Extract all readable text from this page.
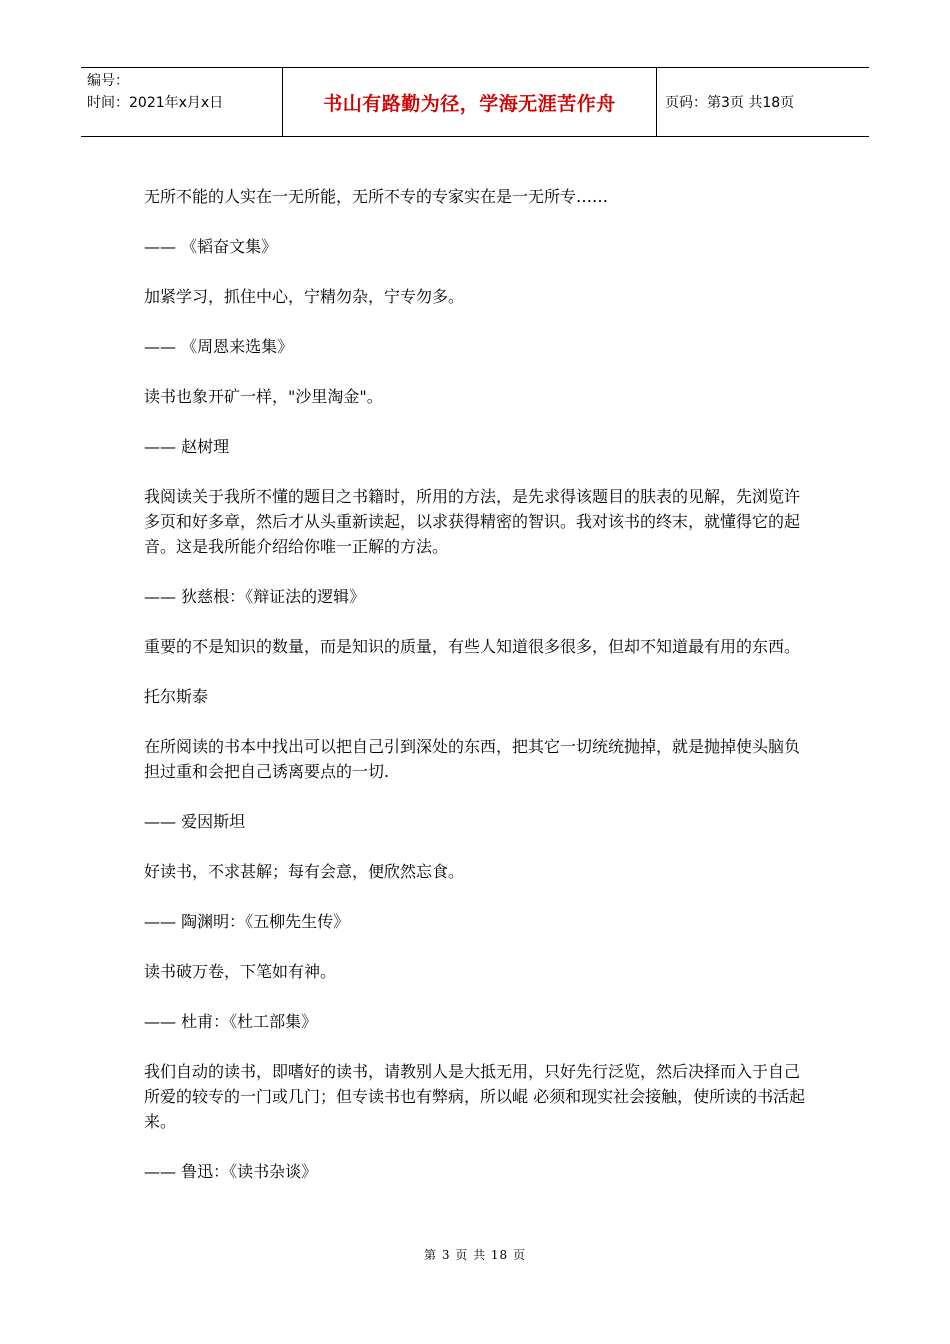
编号：
时间：2021年x月x日	书山有路勤为径，学海无涯苦作舟	页码：第3页 共18页

无所不能的人实在一无所能，无所不专的专家实在是一无所专……

—— 《韬奋文集》

加紧学习，抓住中心，宁精勿杂，宁专勿多。

—— 《周恩来选集》

读书也象开矿一样，"沙里淘金"。

—— 赵树理

我阅读关于我所不懂的题目之书籍时，所用的方法，是先求得该题目的肤表的见解，先浏览许多页和好多章，然后才从头重新读起，以求获得精密的智识。我对该书的终末，就懂得它的起音。这是我所能介绍给你唯一正解的方法。

—— 狄慈根：《辩证法的逻辑》

重要的不是知识的数量，而是知识的质量，有些人知道很多很多，但却不知道最有用的东西。

托尔斯泰

在所阅读的书本中找出可以把自己引到深处的东西，把其它一切统统抛掉，就是抛掉使头脑负担过重和会把自己诱离要点的一切.

—— 爱因斯坦

好读书，不求甚解；每有会意，便欣然忘食。

—— 陶渊明：《五柳先生传》

读书破万卷，下笔如有神。

—— 杜甫：《杜工部集》

我们自动的读书，即嗜好的读书，请教别人是大抵无用，只好先行泛览，然后决择而入于自己所爱的较专的一门或几门；但专读书也有弊病，所以崐 必须和现实社会接触，使所读的书活起来。

—— 鲁迅：《读书杂谈》

第 3 页 共 18 页
